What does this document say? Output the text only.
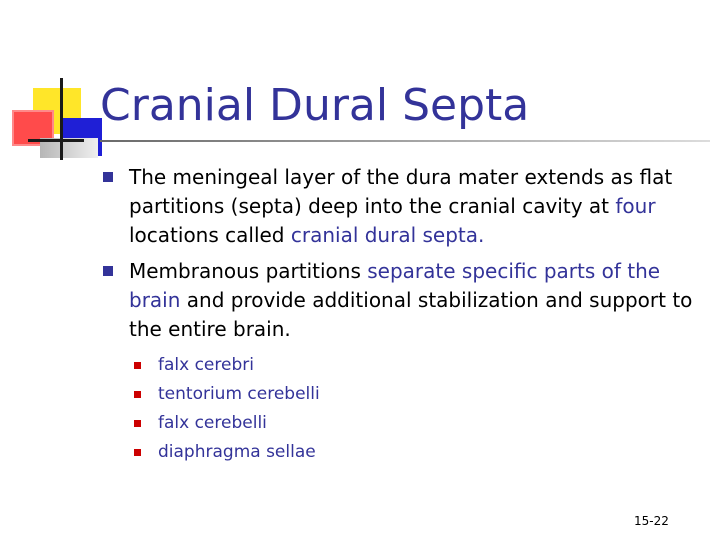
Cranial Dural Septa
The meningeal layer of the dura mater extends as flat partitions (septa) deep into the cranial cavity at four locations called cranial dural septa.
Membranous partitions separate specific parts of the brain and provide additional stabilization and support to the entire brain.
falx cerebri
tentorium cerebelli
falx cerebelli
diaphragma sellae
15-22
